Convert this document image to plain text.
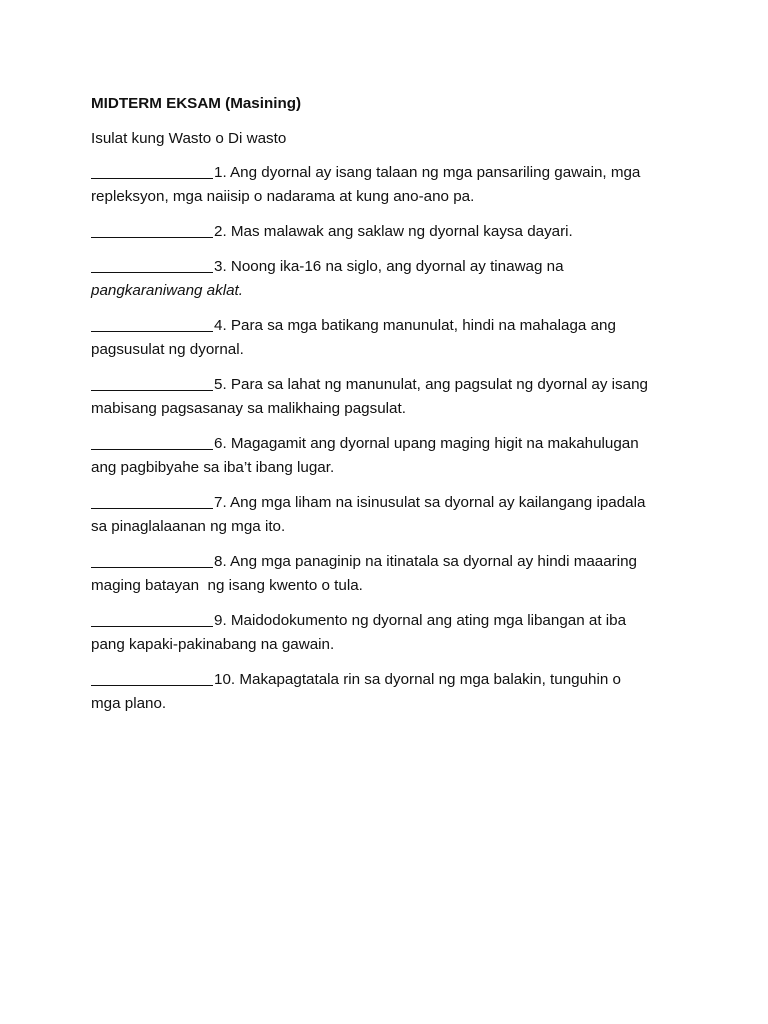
MIDTERM EKSAM (Masining)
Isulat kung Wasto o Di wasto
1. Ang dyornal ay isang talaan ng mga pansariling gawain, mga
repleksyon, mga naiisip o nadarama at kung ano-ano pa.
2. Mas malawak ang saklaw ng dyornal kaysa dayari.
3. Noong ika-16 na siglo, ang dyornal ay tinawag na
pangkaraniwang aklat.
4. Para sa mga batikang manunulat, hindi na mahalaga ang
pagsusulat ng dyornal.
5. Para sa lahat ng manunulat, ang pagsulat ng dyornal ay isang
mabisang pagsasanay sa malikhaing pagsulat.
6. Magagamit ang dyornal upang maging higit na makahulugan
ang pagbibyahe sa iba’t ibang lugar.
7. Ang mga liham na isinusulat sa dyornal ay kailangang ipadala
sa pinaglalaanan ng mga ito.
8. Ang mga panaginip na itinatala sa dyornal ay hindi maaaring
maging batayan  ng isang kwento o tula.
9. Maidodokumento ng dyornal ang ating mga libangan at iba
pang kapaki-pakinabang na gawain.
10. Makapagtatala rin sa dyornal ng mga balakin, tunguhin o
mga plano.
